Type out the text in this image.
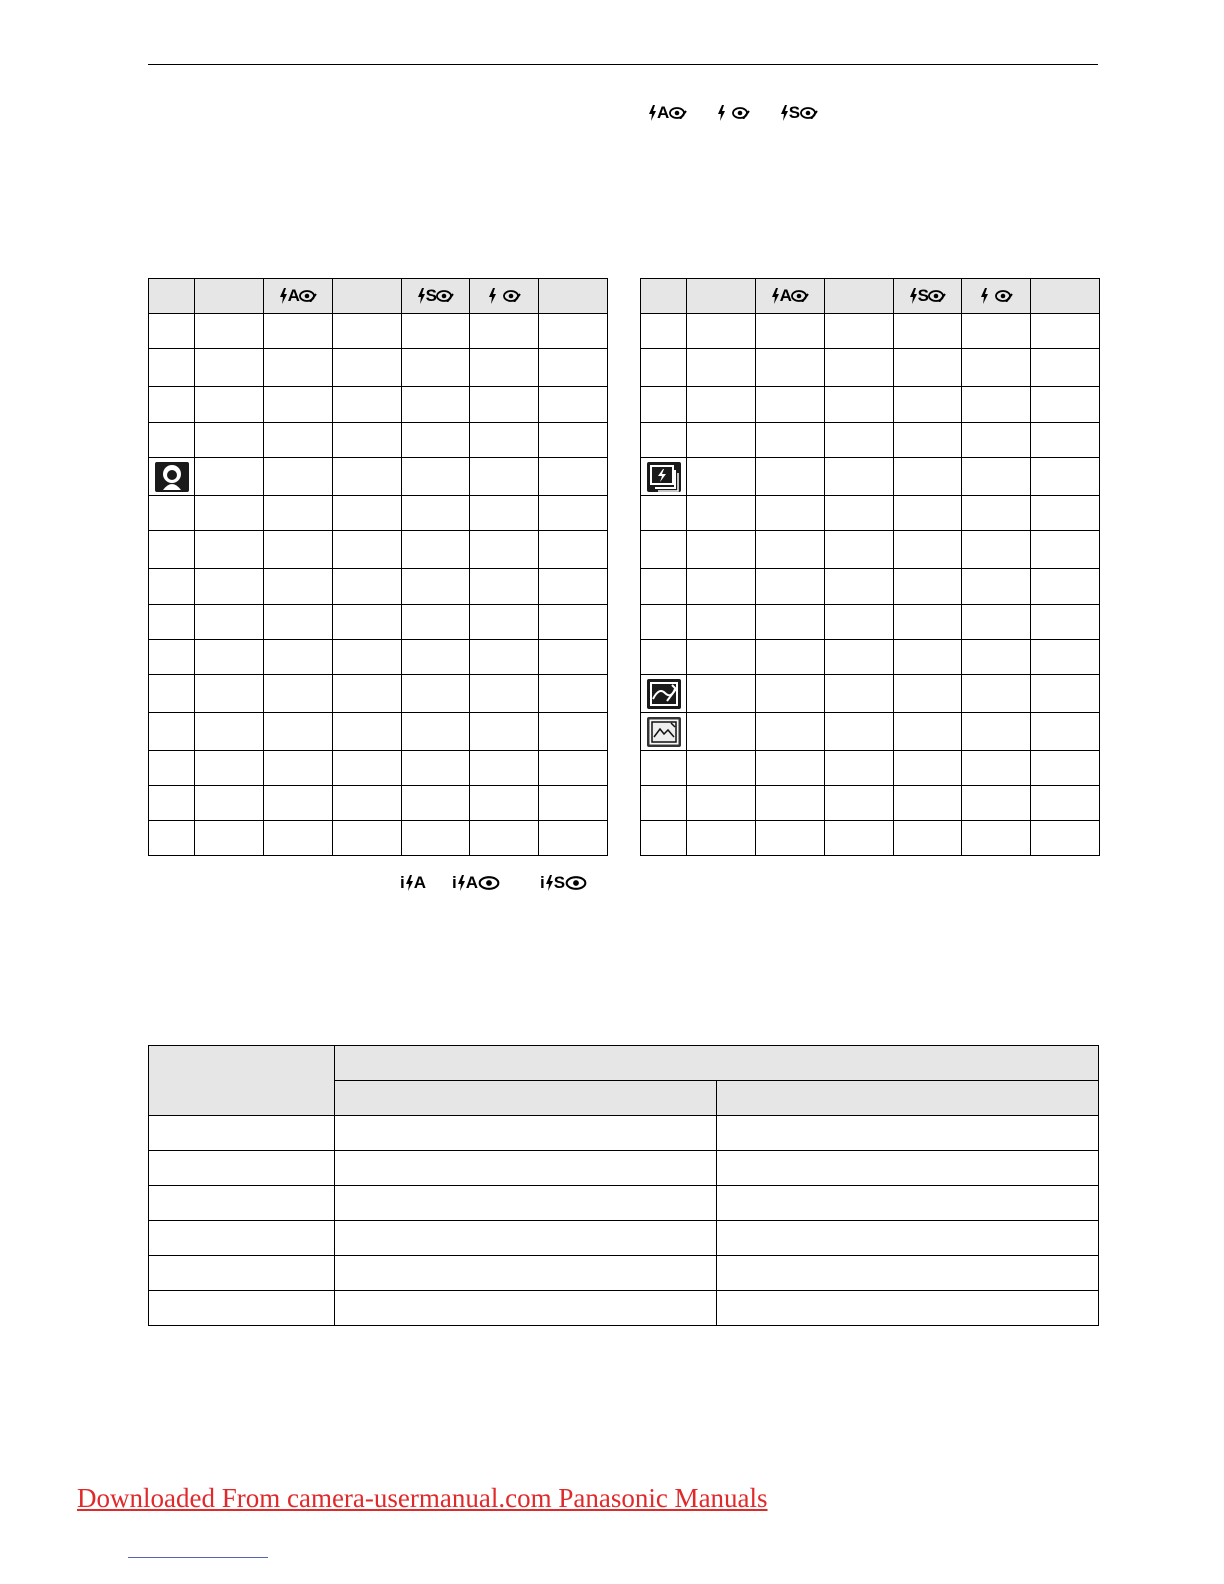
A	S
		A		S		

			A		S		

i A i A	i S

Downloaded From camera-usermanual.com Panasonic Manuals
